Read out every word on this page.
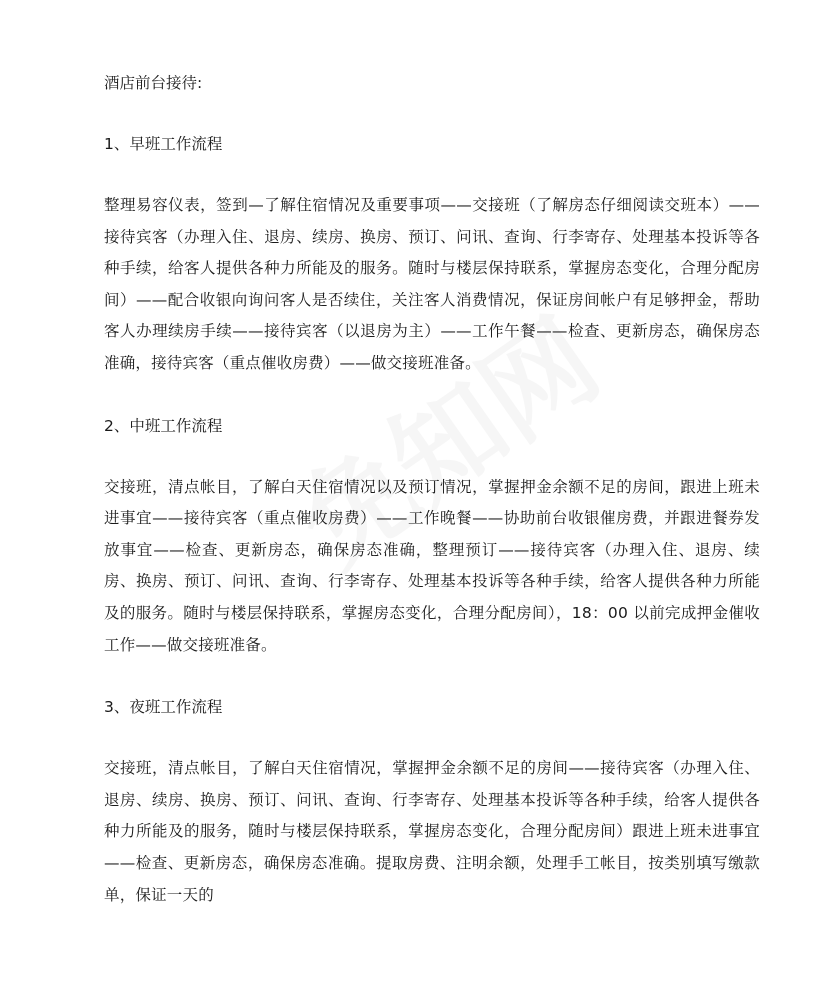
酒店前台接待:

1、早班工作流程

整理易容仪表，签到—了解住宿情况及重要事项——交接班（了解房态仔细阅读交班本）——接待宾客（办理入住、退房、续房、换房、预订、问讯、查询、行李寄存、处理基本投诉等各种手续，给客人提供各种力所能及的服务。随时与楼层保持联系，掌握房态变化，合理分配房间）——配合收银向询问客人是否续住，关注客人消费情况，保证房间帐户有足够押金，帮助客人办理续房手续——接待宾客（以退房为主）——工作午餐——检查、更新房态，确保房态准确，接待宾客（重点催收房费）——做交接班准备。

2、中班工作流程

交接班，清点帐目，了解白天住宿情况以及预订情况，掌握押金余额不足的房间，跟进上班未进事宜——接待宾客（重点催收房费）——工作晚餐——协助前台收银催房费，并跟进餐券发放事宜——检查、更新房态，确保房态准确，整理预订——接待宾客（办理入住、退房、续房、换房、预订、问讯、查询、行李寄存、处理基本投诉等各种手续，给客人提供各种力所能及的服务。随时与楼层保持联系，掌握房态变化，合理分配房间），18：00 以前完成押金催收工作——做交接班准备。

3、夜班工作流程

交接班，清点帐目，了解白天住宿情况，掌握押金余额不足的房间——接待宾客（办理入住、退房、续房、换房、预订、问讯、查询、行李寄存、处理基本投诉等各种手续，给客人提供各种力所能及的服务，随时与楼层保持联系，掌握房态变化，合理分配房间）跟进上班未进事宜——检查、更新房态，确保房态准确。提取房费、注明余额，处理手工帐目，按类别填写缴款单，保证一天的
